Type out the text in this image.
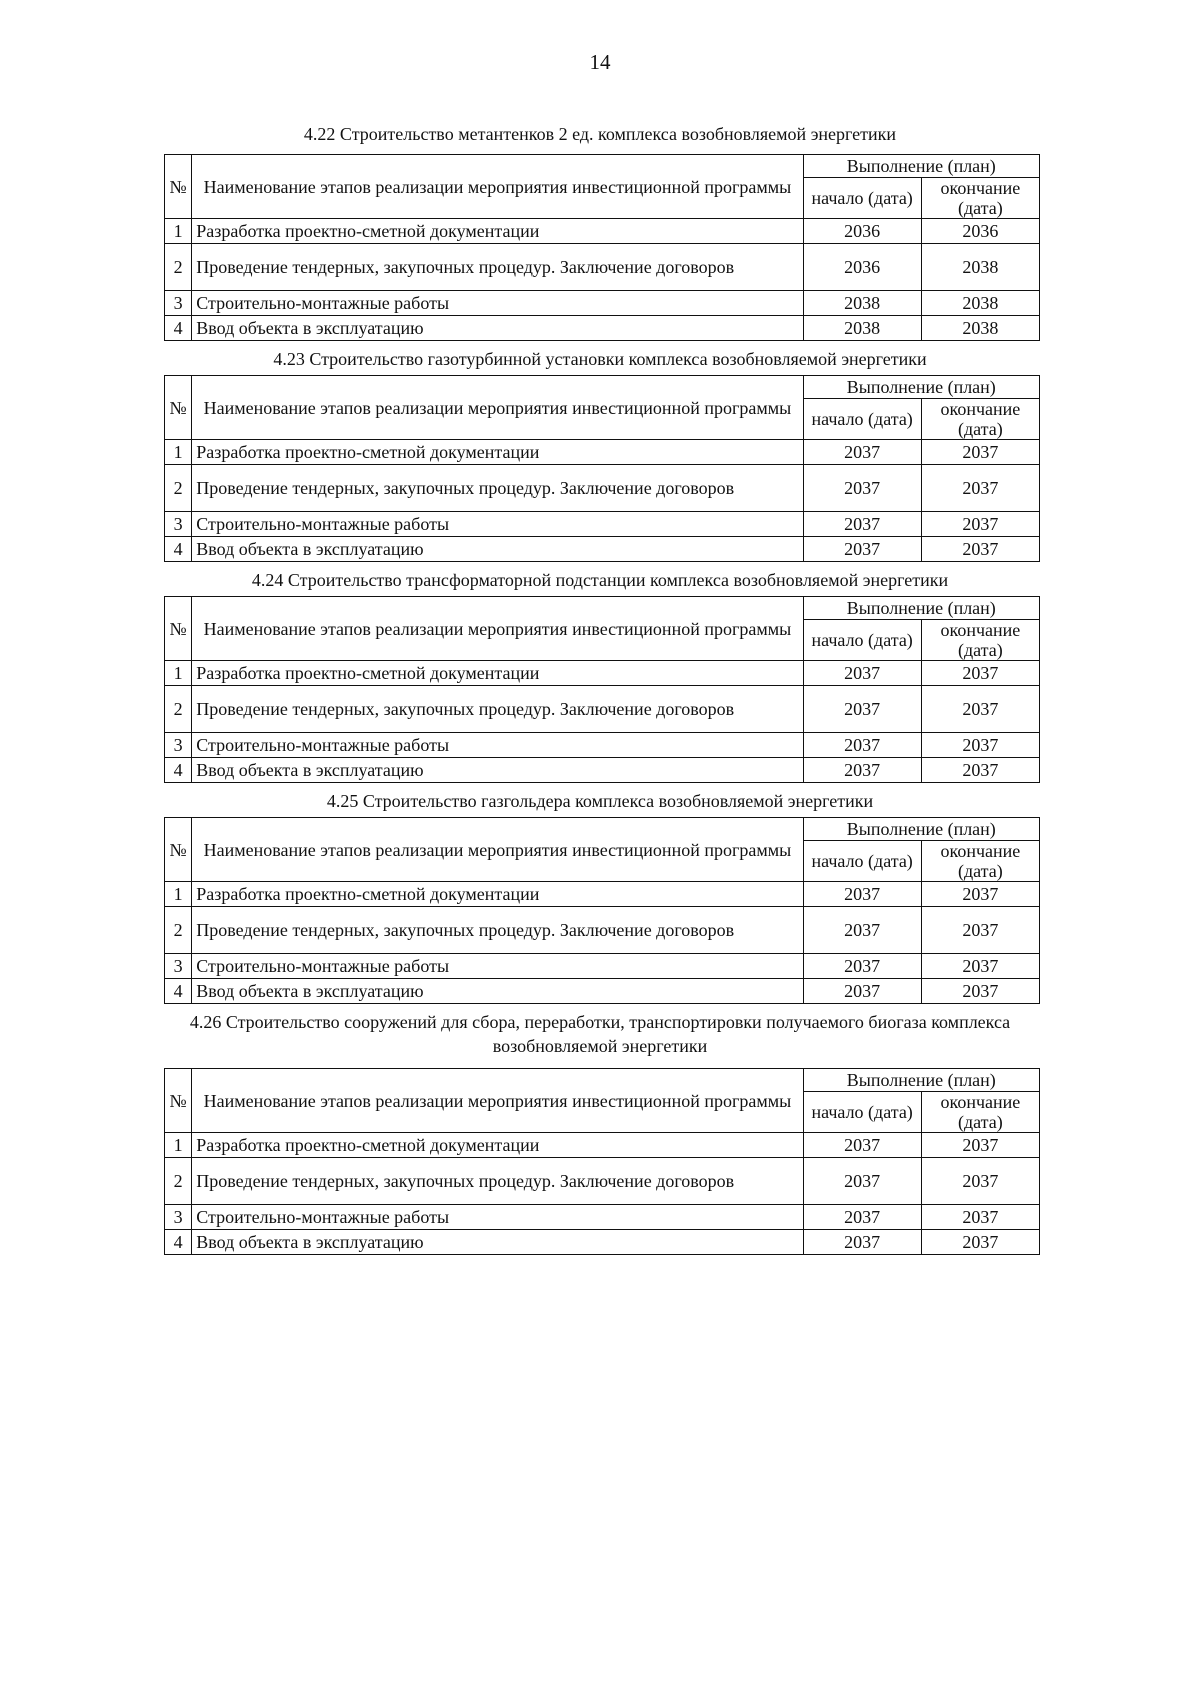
14
4.22 Строительство метантенков 2 ед. комплекса возобновляемой энергетики
№	Наименование этапов реализации мероприятия инвестиционной программы	Выполнение (план)	
		начало (дата)	окончание (дата)
1	Разработка проектно-сметной документации	2036	2036
2	Проведение тендерных, закупочных процедур. Заключение договоров	2036	2038
3	Строительно-монтажные работы	2038	2038
4	Ввод объекта в эксплуатацию	2038	2038
4.23 Строительство газотурбинной установки комплекса возобновляемой энергетики
№	Наименование этапов реализации мероприятия инвестиционной программы	Выполнение (план)	
		начало (дата)	окончание (дата)
1	Разработка проектно-сметной документации	2037	2037
2	Проведение тендерных, закупочных процедур. Заключение договоров	2037	2037
3	Строительно-монтажные работы	2037	2037
4	Ввод объекта в эксплуатацию	2037	2037
4.24 Строительство трансформаторной подстанции комплекса возобновляемой энергетики
№	Наименование этапов реализации мероприятия инвестиционной программы	Выполнение (план)	
		начало (дата)	окончание (дата)
1	Разработка проектно-сметной документации	2037	2037
2	Проведение тендерных, закупочных процедур. Заключение договоров	2037	2037
3	Строительно-монтажные работы	2037	2037
4	Ввод объекта в эксплуатацию	2037	2037
4.25 Строительство газгольдера комплекса возобновляемой энергетики
№	Наименование этапов реализации мероприятия инвестиционной программы	Выполнение (план)	
		начало (дата)	окончание (дата)
1	Разработка проектно-сметной документации	2037	2037
2	Проведение тендерных, закупочных процедур. Заключение договоров	2037	2037
3	Строительно-монтажные работы	2037	2037
4	Ввод объекта в эксплуатацию	2037	2037
4.26 Строительство сооружений для сбора, переработки, транспортировки получаемого биогаза комплекса возобновляемой энергетики
№	Наименование этапов реализации мероприятия инвестиционной программы	Выполнение (план)	
		начало (дата)	окончание (дата)
1	Разработка проектно-сметной документации	2037	2037
2	Проведение тендерных, закупочных процедур. Заключение договоров	2037	2037
3	Строительно-монтажные работы	2037	2037
4	Ввод объекта в эксплуатацию	2037	2037
